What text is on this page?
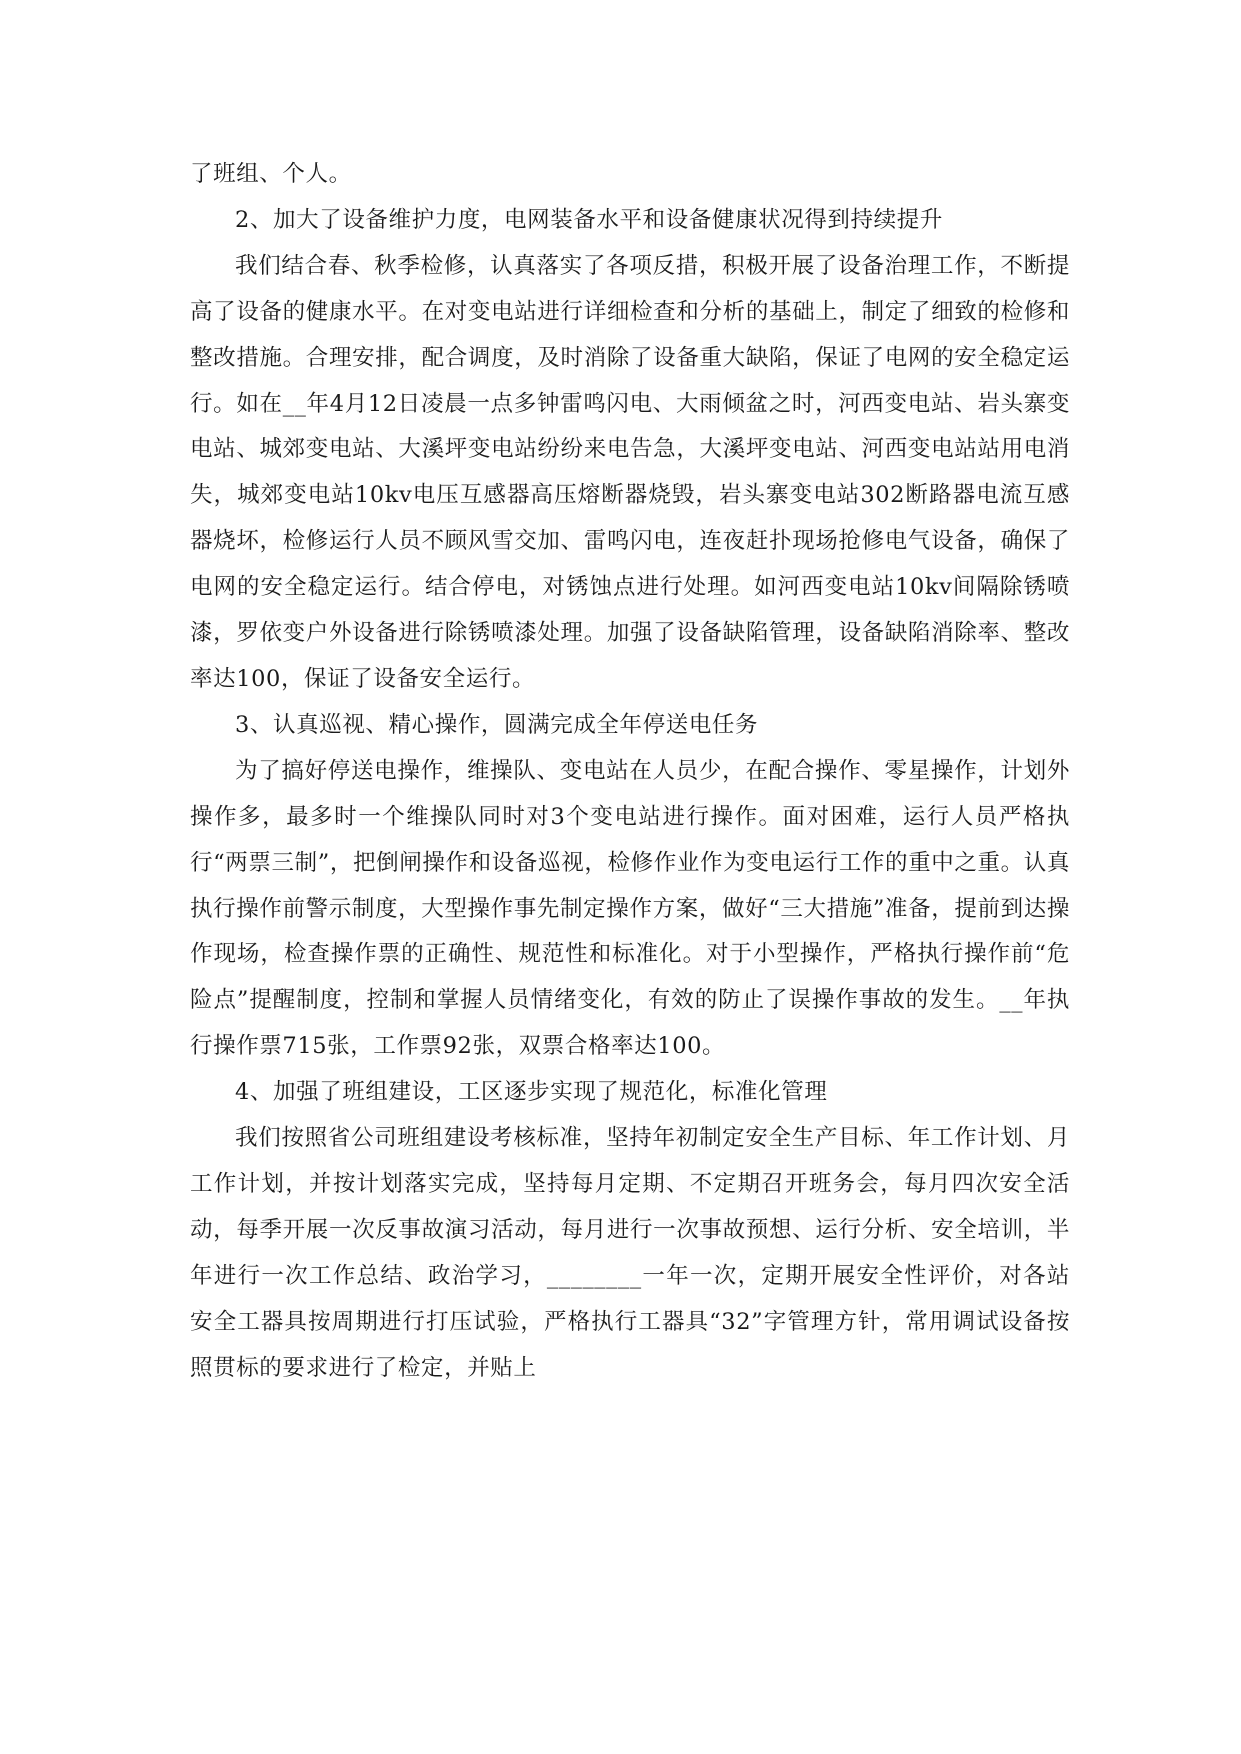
了班组、个人。

2、加大了设备维护力度，电网装备水平和设备健康状况得到持续提升

我们结合春、秋季检修，认真落实了各项反措，积极开展了设备治理工作，不断提高了设备的健康水平。在对变电站进行详细检查和分析的基础上，制定了细致的检修和整改措施。合理安排，配合调度，及时消除了设备重大缺陷，保证了电网的安全稳定运行。如在__年4月12日凌晨一点多钟雷鸣闪电、大雨倾盆之时，河西变电站、岩头寨变电站、城郊变电站、大溪坪变电站纷纷来电告急，大溪坪变电站、河西变电站站用电消失，城郊变电站10kv电压互感器高压熔断器烧毁，岩头寨变电站302断路器电流互感器烧坏，检修运行人员不顾风雪交加、雷鸣闪电，连夜赶扑现场抢修电气设备，确保了电网的安全稳定运行。结合停电，对锈蚀点进行处理。如河西变电站10kv间隔除锈喷漆，罗依变户外设备进行除锈喷漆处理。加强了设备缺陷管理，设备缺陷消除率、整改率达100，保证了设备安全运行。

3、认真巡视、精心操作，圆满完成全年停送电任务

为了搞好停送电操作，维操队、变电站在人员少，在配合操作、零星操作，计划外操作多，最多时一个维操队同时对3个变电站进行操作。面对困难，运行人员严格执行“两票三制”，把倒闸操作和设备巡视，检修作业作为变电运行工作的重中之重。认真执行操作前警示制度，大型操作事先制定操作方案，做好“三大措施”准备，提前到达操作现场，检查操作票的正确性、规范性和标准化。对于小型操作，严格执行操作前“危险点”提醒制度，控制和掌握人员情绪变化，有效的防止了误操作事故的发生。__年执行操作票715张，工作票92张，双票合格率达100。

4、加强了班组建设，工区逐步实现了规范化，标准化管理

我们按照省公司班组建设考核标准，坚持年初制定安全生产目标、年工作计划、月工作计划，并按计划落实完成，坚持每月定期、不定期召开班务会，每月四次安全活动，每季开展一次反事故演习活动，每月进行一次事故预想、运行分析、安全培训，半年进行一次工作总结、政治学习，________一年一次，定期开展安全性评价，对各站安全工器具按周期进行打压试验，严格执行工器具“32”字管理方针，常用调试设备按照贯标的要求进行了检定，并贴上
